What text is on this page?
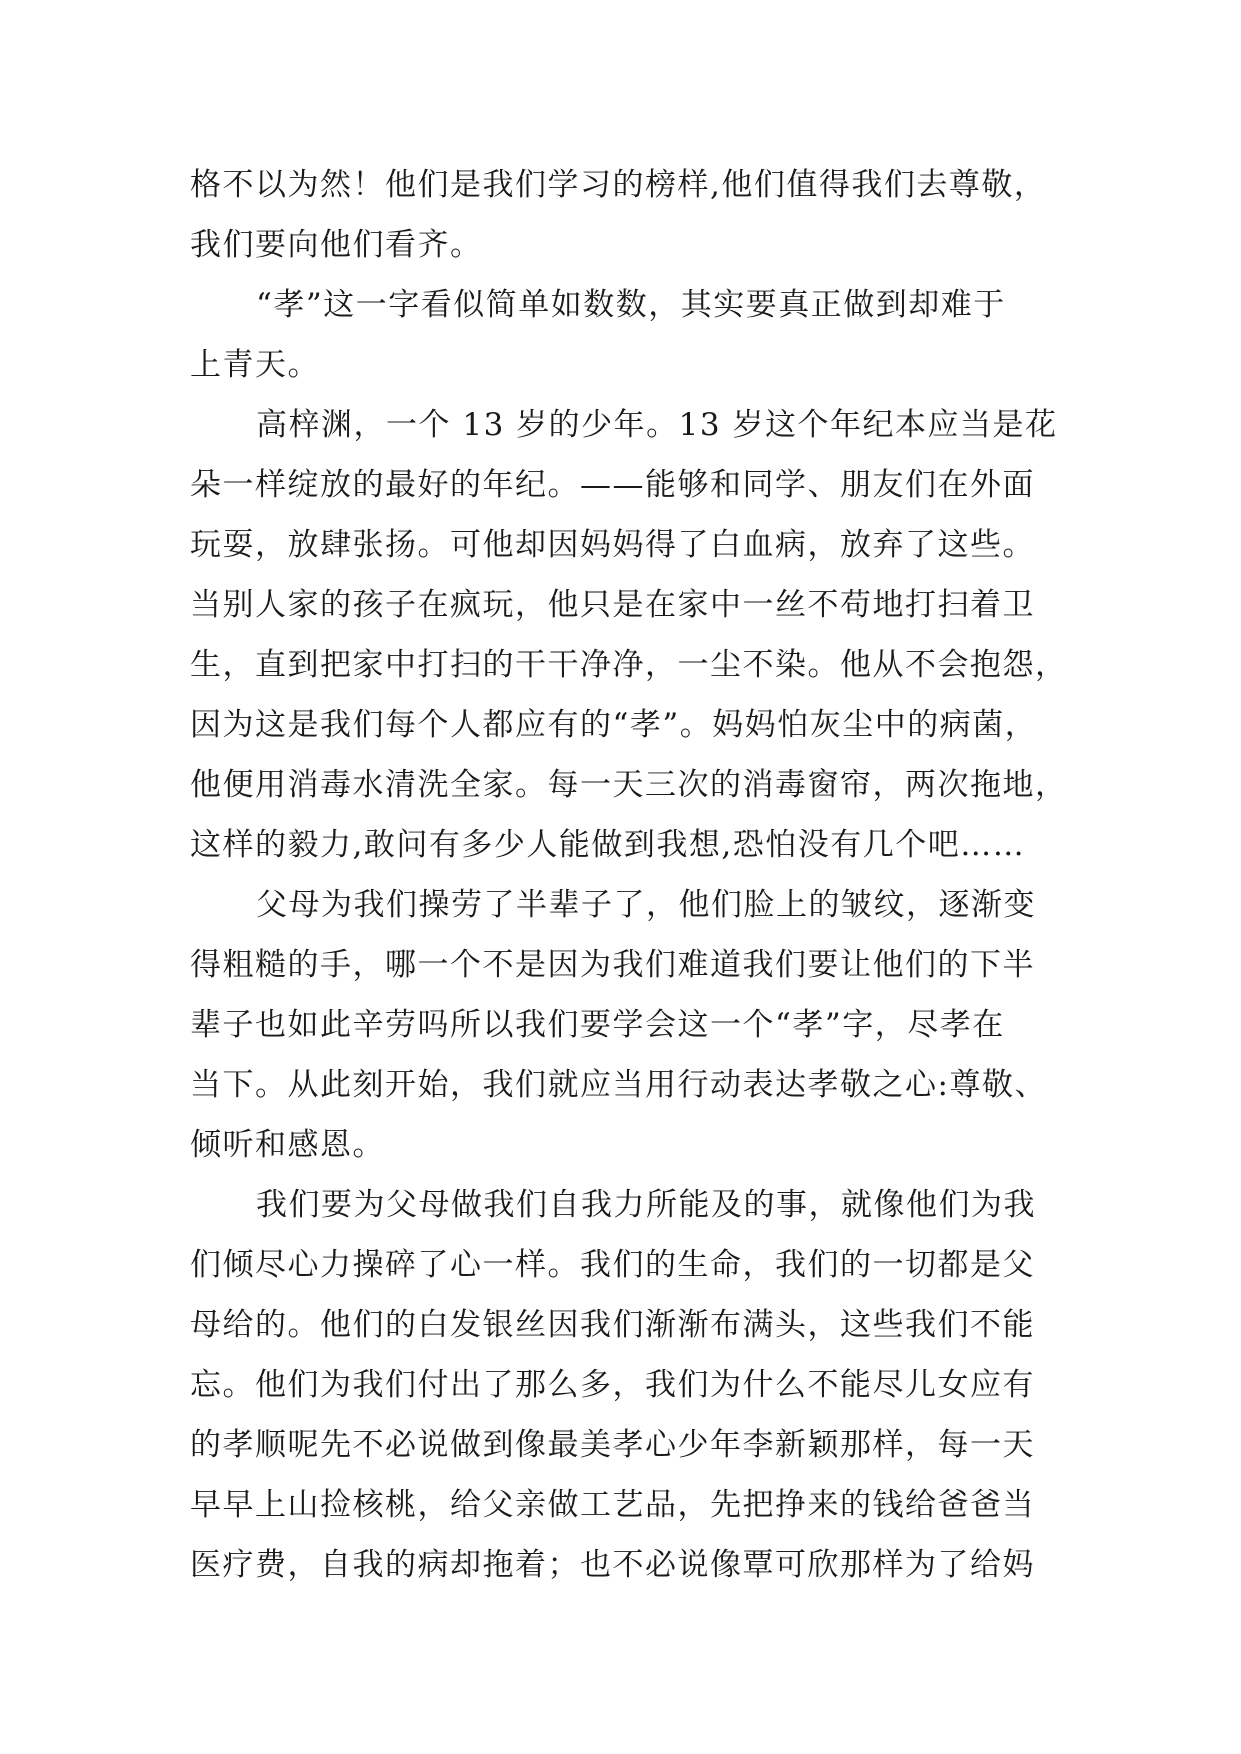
格不以为然！他们是我们学习的榜样,他们值得我们去尊敬，
我们要向他们看齐。
“孝”这一字看似简单如数数，其实要真正做到却难于
上青天。
高梓渊，一个 13 岁的少年。13 岁这个年纪本应当是花
朵一样绽放的最好的年纪。——能够和同学、朋友们在外面
玩耍，放肆张扬。可他却因妈妈得了白血病，放弃了这些。
当别人家的孩子在疯玩，他只是在家中一丝不苟地打扫着卫
生，直到把家中打扫的干干净净，一尘不染。他从不会抱怨，
因为这是我们每个人都应有的“孝”。妈妈怕灰尘中的病菌，
他便用消毒水清洗全家。每一天三次的消毒窗帘，两次拖地，
这样的毅力,敢问有多少人能做到我想,恐怕没有几个吧……
父母为我们操劳了半辈子了，他们脸上的皱纹，逐渐变
得粗糙的手，哪一个不是因为我们难道我们要让他们的下半
辈子也如此辛劳吗所以我们要学会这一个“孝”字，尽孝在
当下。从此刻开始，我们就应当用行动表达孝敬之心:尊敬、
倾听和感恩。
我们要为父母做我们自我力所能及的事，就像他们为我
们倾尽心力操碎了心一样。我们的生命，我们的一切都是父
母给的。他们的白发银丝因我们渐渐布满头，这些我们不能
忘。他们为我们付出了那么多，我们为什么不能尽儿女应有
的孝顺呢先不必说做到像最美孝心少年李新颖那样，每一天
早早上山捡核桃，给父亲做工艺品，先把挣来的钱给爸爸当
医疗费，自我的病却拖着；也不必说像覃可欣那样为了给妈
